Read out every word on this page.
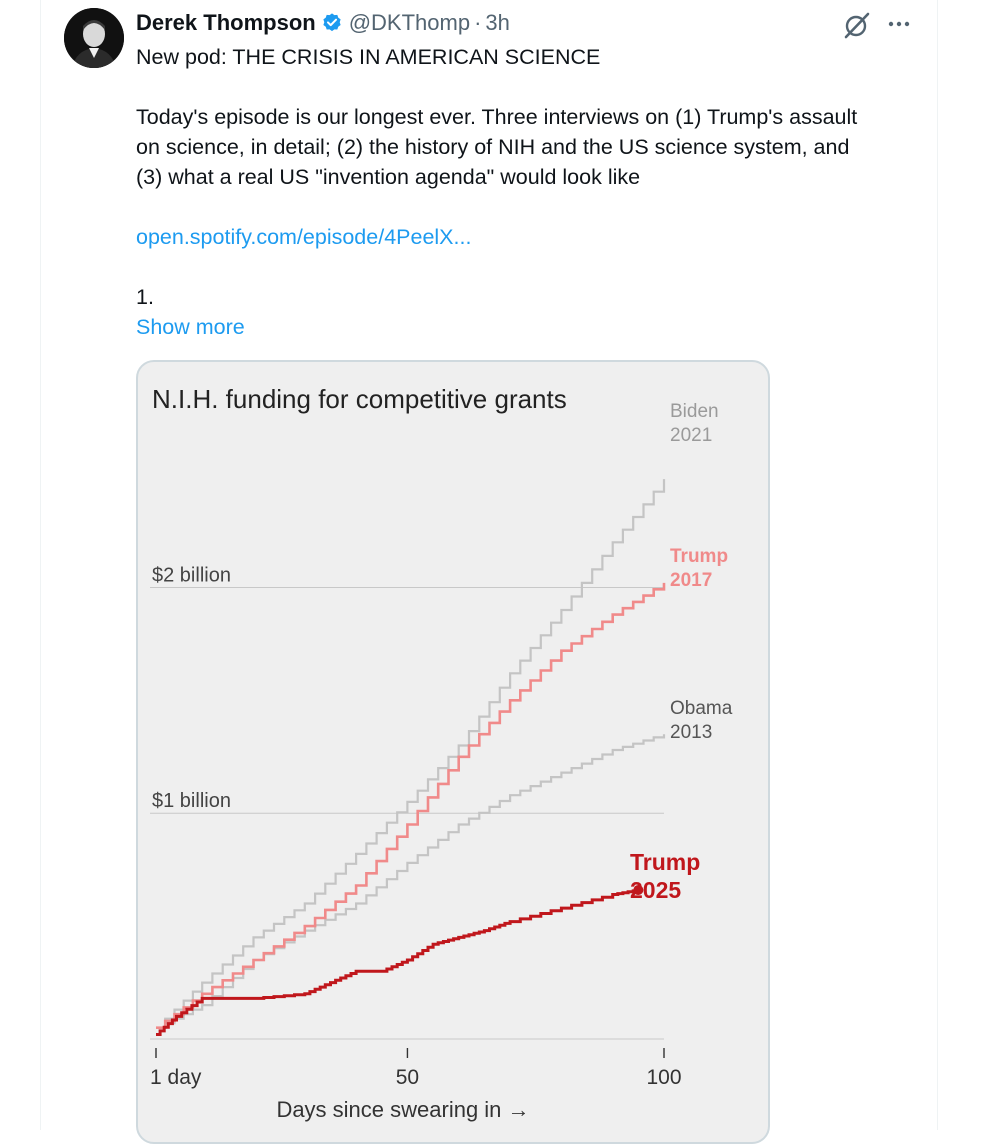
Derek Thompson @DKThomp · 3h

New pod: THE CRISIS IN AMERICAN SCIENCE

Today's episode is our longest ever. Three interviews on (1) Trump's assault

on science, in detail; (2) the history of NIH and the US science system, and

(3) what a real US "invention agenda" would look like

open.spotify.com/episode/4PeelX...

1.

Show more

N.I.H. funding for competitive grants
$1 billion
$2 billion
Biden
2021
Obama
2013
Trump
2017
Trump
2025
1 day	50	100
Days since swearing in →
